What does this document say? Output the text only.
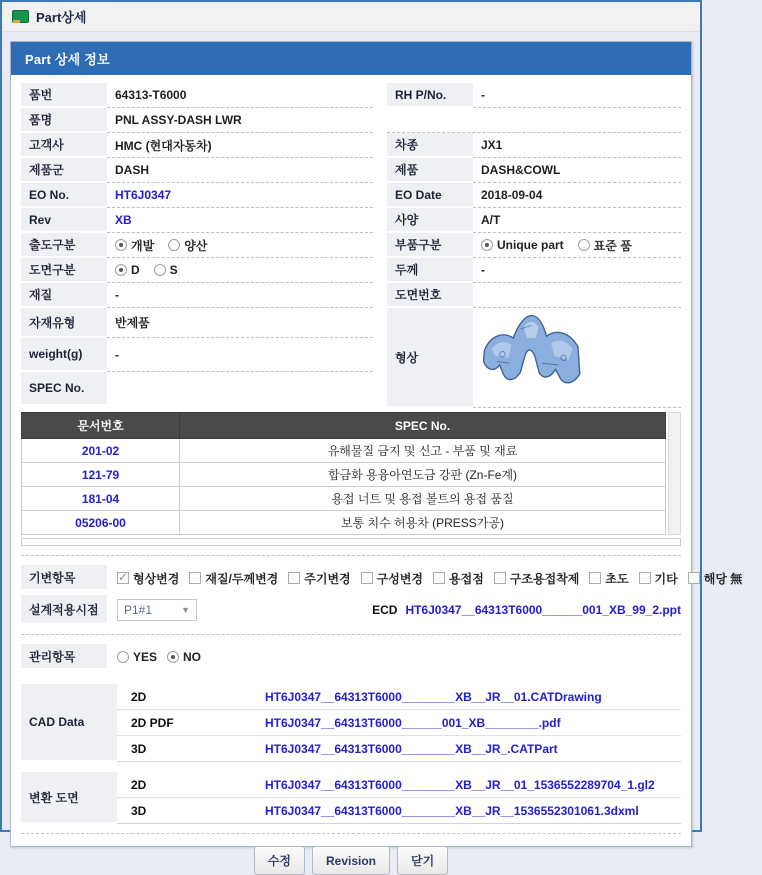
Part상세
Part 상세 정보
품번	64313-T6000	RH P/No.	-
품명	PNL ASSY-DASH LWR
고객사	HMC (현대자동차)	차종	JX1
제품군	DASH	제품	DASH&COWL
EO No.	HT6J0347	EO Date	2018-09-04
Rev	XB	사양	A/T
출도구분	개발	양산	부품구분	Unique part	표준 품
도면구분	D	S	두께	-
재질	-	도면번호
자재유형	반제품
weight(g)	-
SPEC No.
형상
문서번호	SPEC No.
201-02	유해물질 금지 및 신고 - 부품 및 재료
121-79	합금화 용융아연도금 강판 (Zn-Fe계)
181-04	용접 너트 및 용접 볼트의 용접 품질
05206-00	보통 치수 허용차 (PRESS가공)
기변항목 ✓	형상변경 재질/두께변경 주기변경 구성변경 용접점 구조용접착제 초도 기타 해당 無
설계적용시점	P1#1	▼	ECD HT6J0347__64313T6000______001_XB_99_2.ppt
관리항목	YES NO
CAD Data
2D	HT6J0347__64313T6000________XB__JR__01.CATDrawing
2D PDF	HT6J0347__64313T6000______001_XB________.pdf
3D	HT6J0347__64313T6000________XB__JR_.CATPart
변환 도면
2D	HT6J0347__64313T6000________XB__JR__01_1536552289704_1.gl2
3D	HT6J0347__64313T6000________XB__JR__1536552301061.3dxml
수정	Revision	닫기
